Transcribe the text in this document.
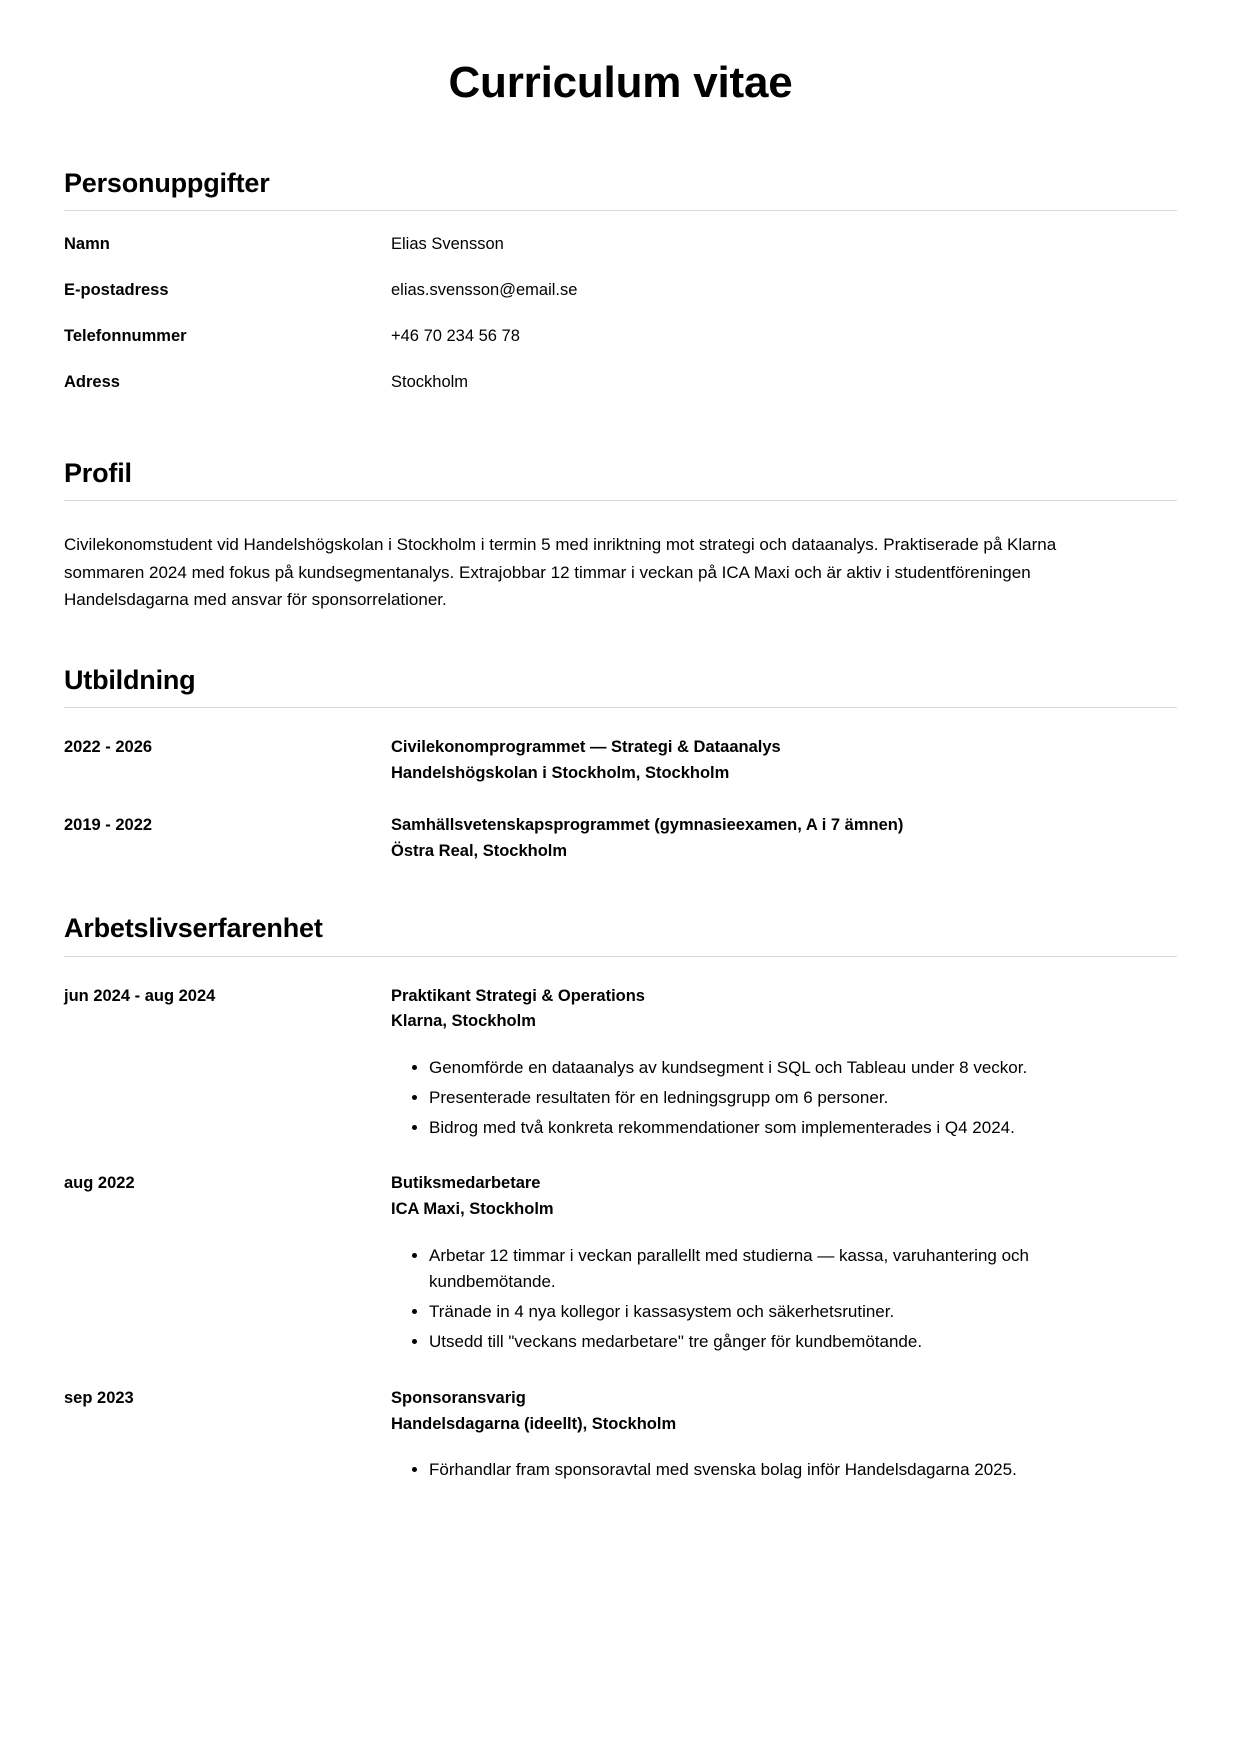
Curriculum vitae
Personuppgifter
Namn	Elias Svensson
E-postadress	elias.svensson@email.se
Telefonnummer	+46 70 234 56 78
Adress	Stockholm
Profil

Civilekonomstudent vid Handelshögskolan i Stockholm i termin 5 med inriktning mot strategi och dataanalys. Praktiserade på Klarna sommaren 2024 med fokus på kundsegmentanalys. Extrajobbar 12 timmar i veckan på ICA Maxi och är aktiv i studentföreningen Handelsdagarna med ansvar för sponsorrelationer.

Utbildning
2022 - 2026	Civilekonomprogrammet — Strategi & Dataanalys
Handelshögskolan i Stockholm, Stockholm
2019 - 2022	Samhällsvetenskapsprogrammet (gymnasieexamen, A i 7 ämnen)
Östra Real, Stockholm
Arbetslivserfarenhet
jun 2024 - aug 2024	Praktikant Strategi & Operations
Klarna, Stockholm
• Genomförde en dataanalys av kundsegment i SQL och Tableau under 8 veckor.
• Presenterade resultaten för en ledningsgrupp om 6 personer.
• Bidrog med två konkreta rekommendationer som implementerades i Q4 2024.
aug 2022	Butiksmedarbetare
ICA Maxi, Stockholm
• Arbetar 12 timmar i veckan parallellt med studierna — kassa, varuhantering och kundbemötande.
• Tränade in 4 nya kollegor i kassasystem och säkerhetsrutiner.
• Utsedd till "veckans medarbetare" tre gånger för kundbemötande.
sep 2023	Sponsoransvarig
Handelsdagarna (ideellt), Stockholm
• Förhandlar fram sponsoravtal med svenska bolag inför Handelsdagarna 2025.
